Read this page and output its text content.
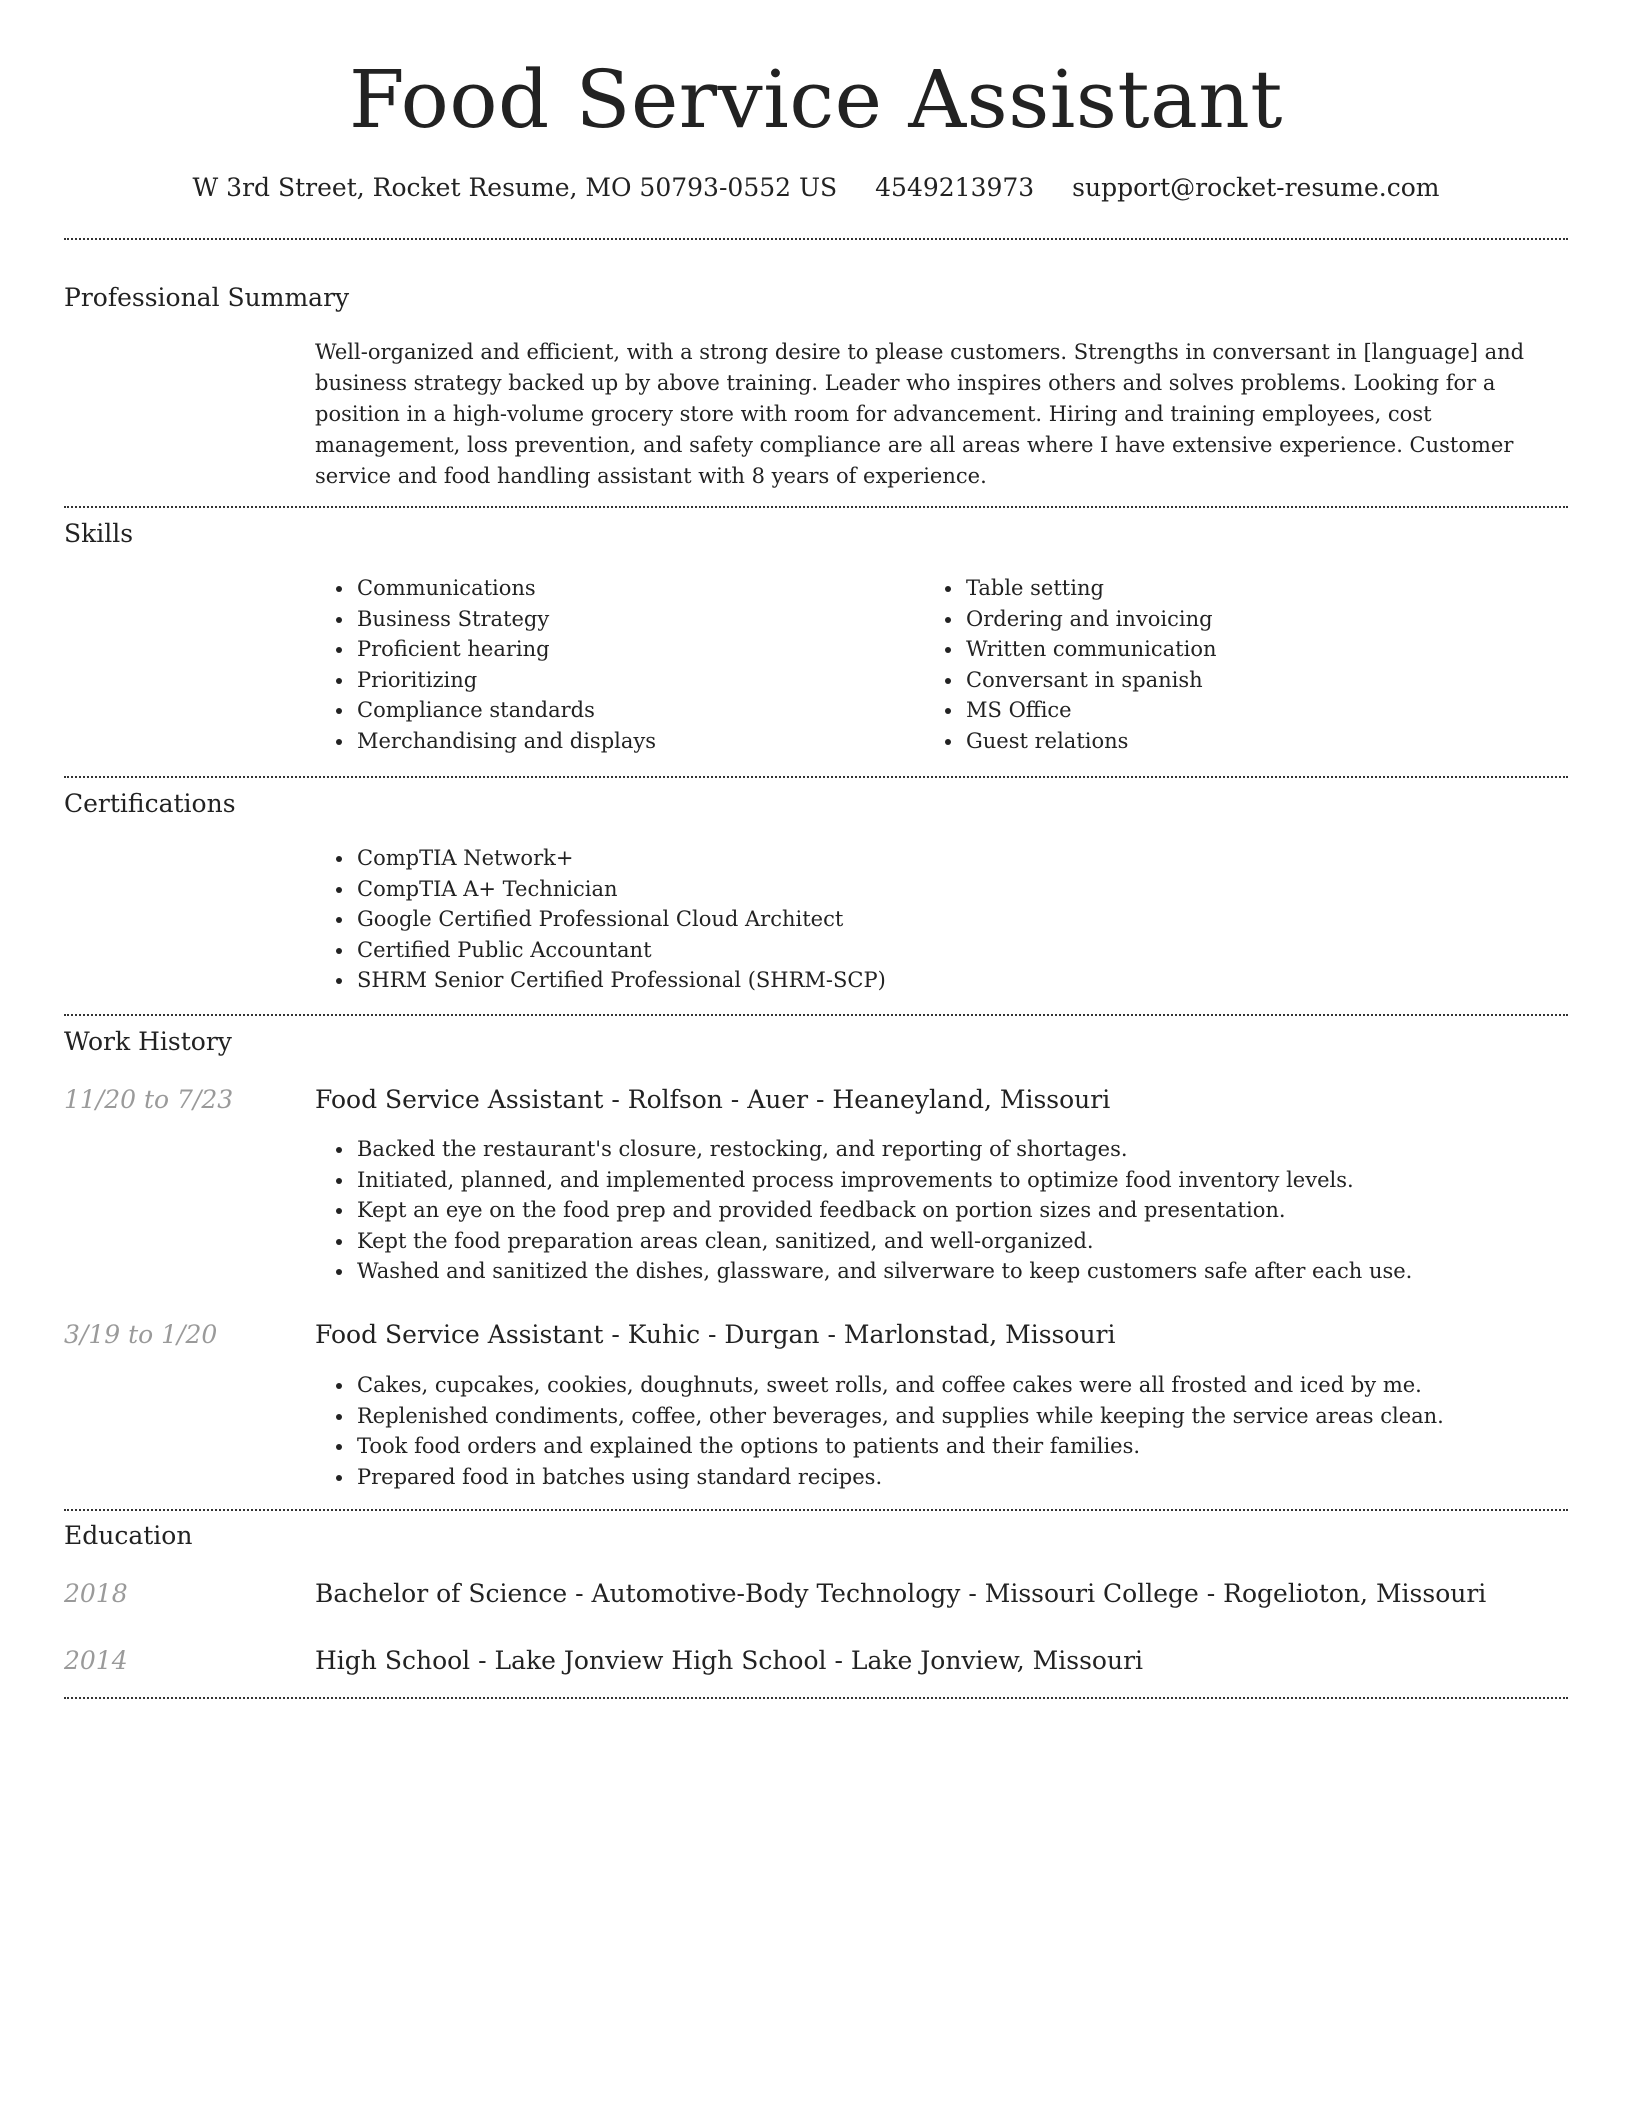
Food Service Assistant
W 3rd Street, Rocket Resume, MO 50793-0552 US 4549213973 support@rocket-resume.com
Professional Summary
Well-organized and efficient, with a strong desire to please customers. Strengths in conversant in [language] and business strategy backed up by above training. Leader who inspires others and solves problems. Looking for a position in a high-volume grocery store with room for advancement. Hiring and training employees, cost management, loss prevention, and safety compliance are all areas where I have extensive experience. Customer service and food handling assistant with 8 years of experience.
Skills
• Communications
• Business Strategy
• Proficient hearing
• Prioritizing
• Compliance standards
• Merchandising and displays
• Table setting
• Ordering and invoicing
• Written communication
• Conversant in spanish
• MS Office
• Guest relations
Certifications
• CompTIA Network+
• CompTIA A+ Technician
• Google Certified Professional Cloud Architect
• Certified Public Accountant
• SHRM Senior Certified Professional (SHRM-SCP)
Work History
11/20 to 7/23	Food Service Assistant - Rolfson - Auer - Heaneyland, Missouri
• Backed the restaurant's closure, restocking, and reporting of shortages.
• Initiated, planned, and implemented process improvements to optimize food inventory levels.
• Kept an eye on the food prep and provided feedback on portion sizes and presentation.
• Kept the food preparation areas clean, sanitized, and well-organized.
• Washed and sanitized the dishes, glassware, and silverware to keep customers safe after each use.
3/19 to 1/20	Food Service Assistant - Kuhic - Durgan - Marlonstad, Missouri
• Cakes, cupcakes, cookies, doughnuts, sweet rolls, and coffee cakes were all frosted and iced by me.
• Replenished condiments, coffee, other beverages, and supplies while keeping the service areas clean.
• Took food orders and explained the options to patients and their families.
• Prepared food in batches using standard recipes.
Education
2018	Bachelor of Science - Automotive-Body Technology - Missouri College - Rogelioton, Missouri
2014	High School - Lake Jonview High School - Lake Jonview, Missouri
